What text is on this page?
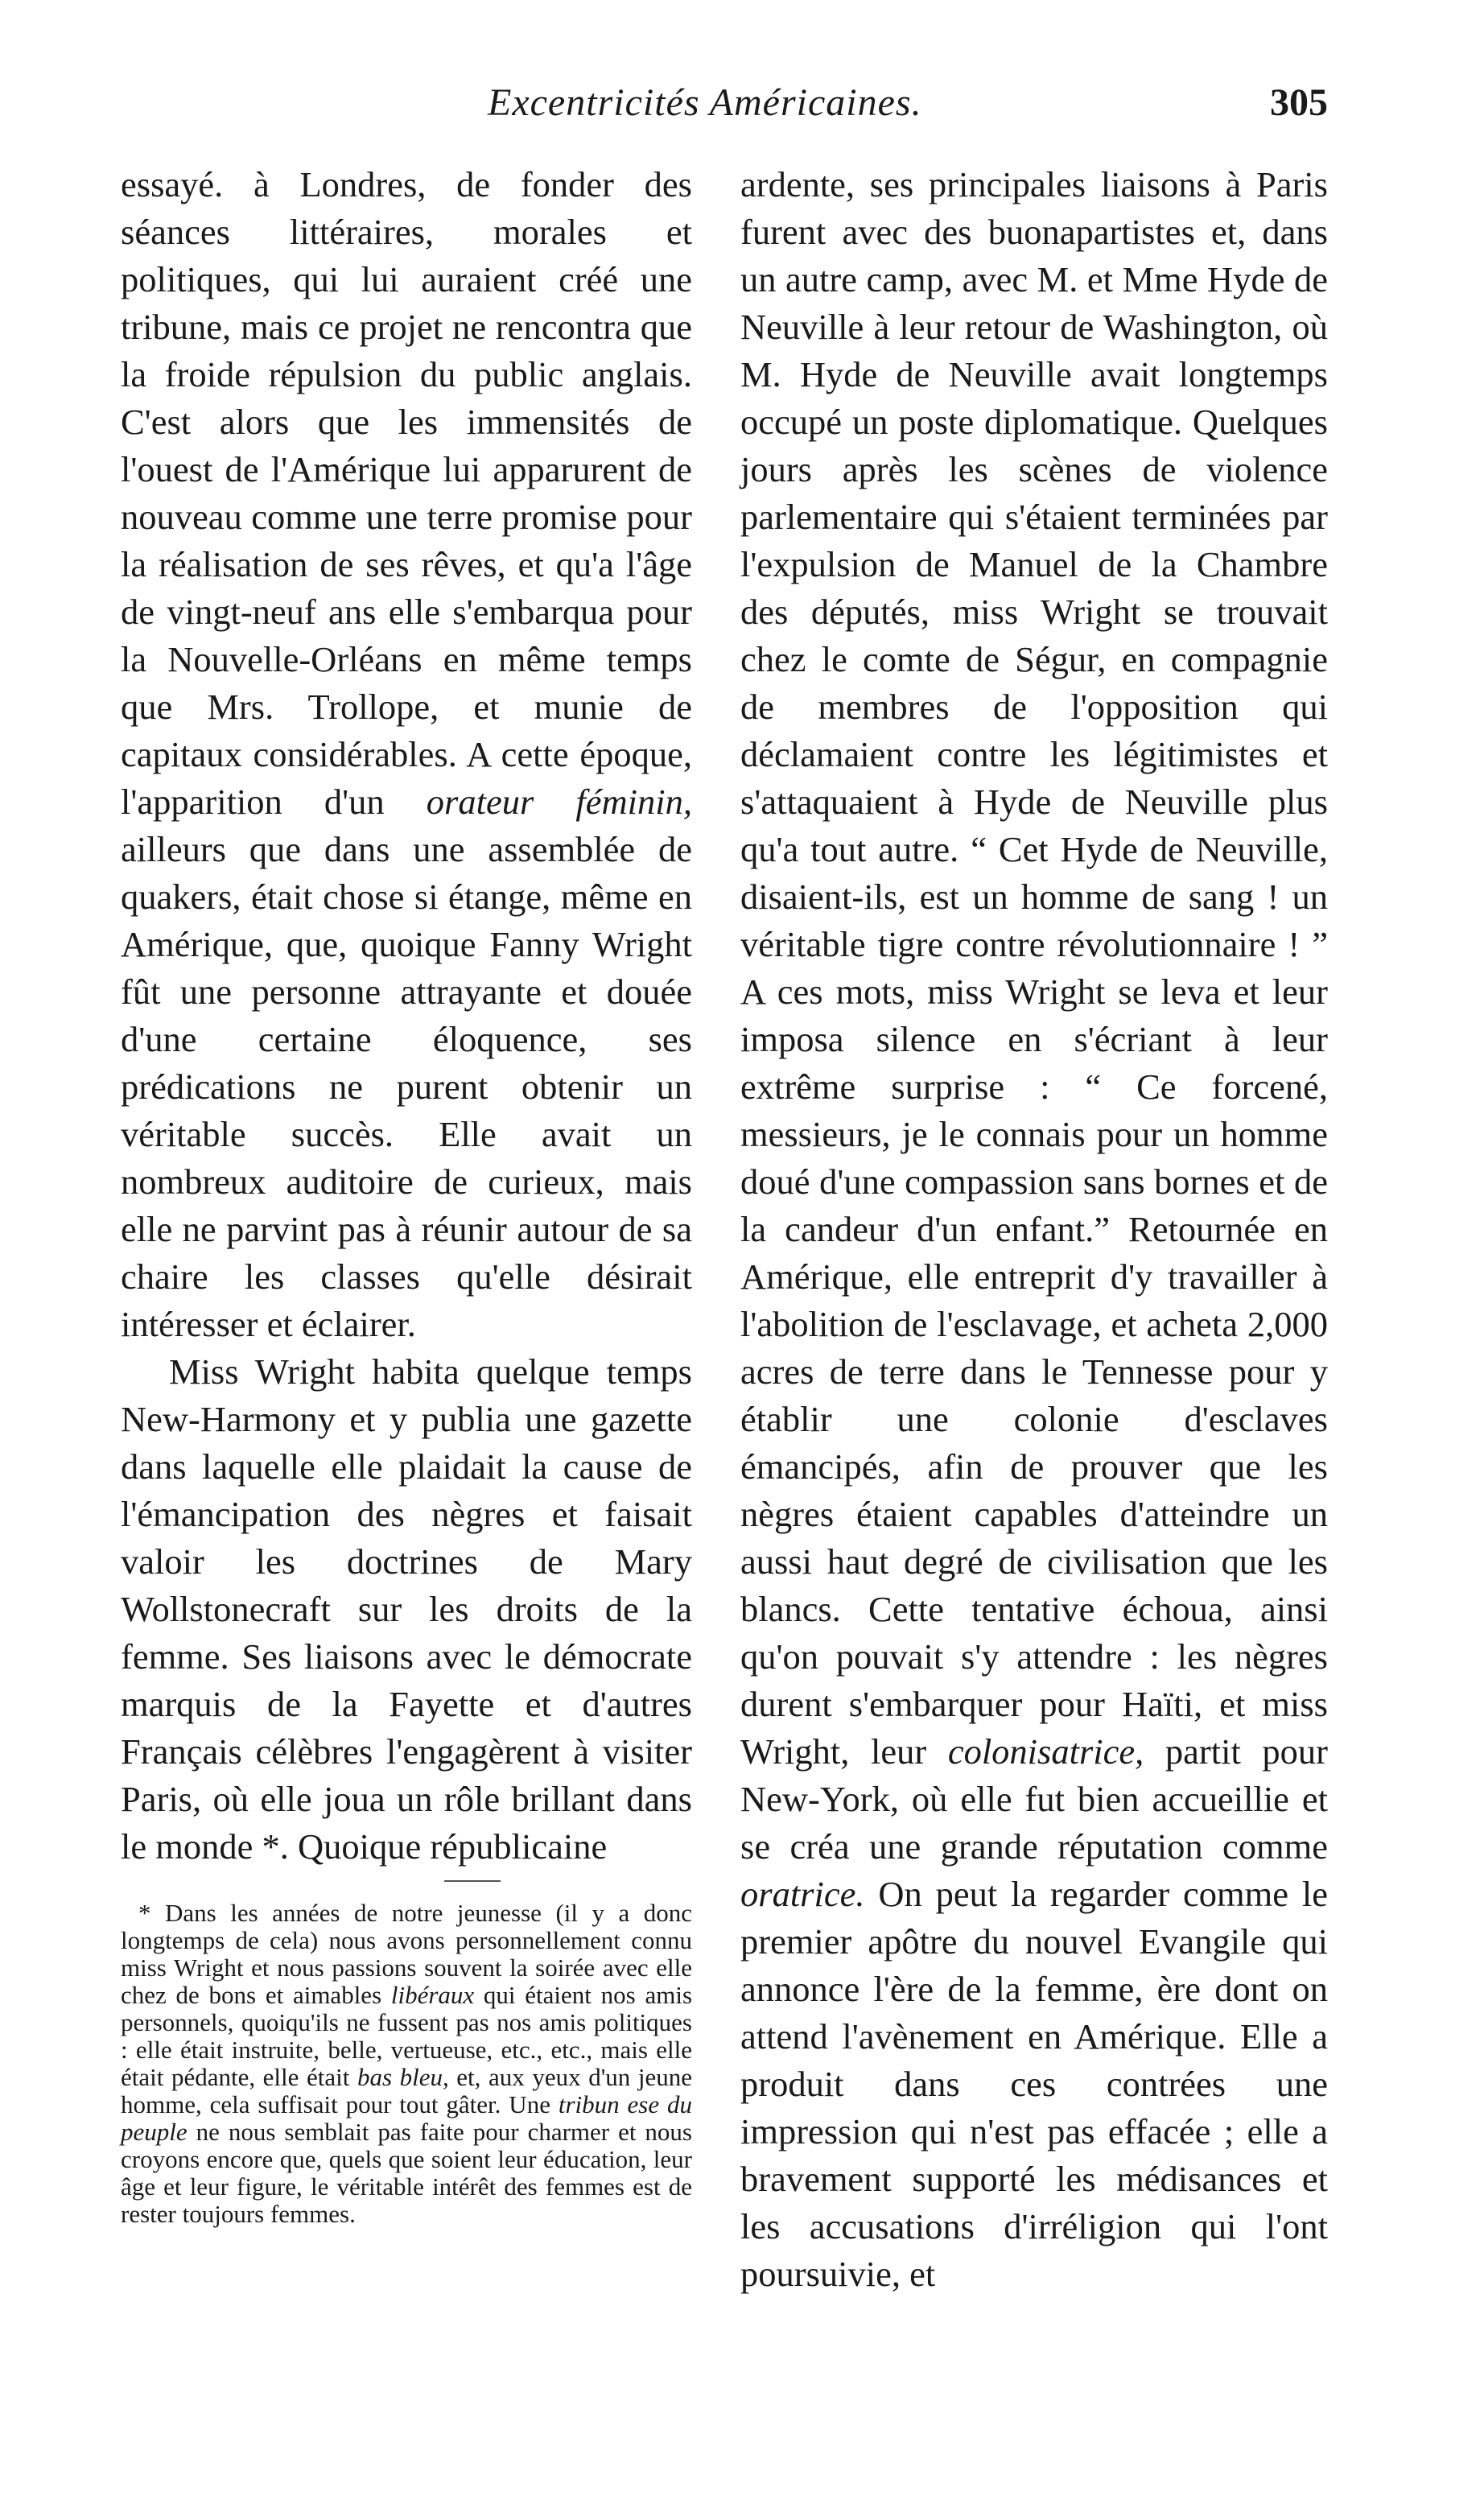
Excentricités Américaines.	305

essayé. à Londres, de fonder des séances littéraires, morales et politiques, qui lui auraient créé une tribune, mais ce projet ne rencontra que la froide répulsion du public anglais. C'est alors que les immensités de l'ouest de l'Amérique lui apparurent de nouveau comme une terre promise pour la réalisation de ses rêves, et qu'a l'âge de vingt-neuf ans elle s'embarqua pour la Nouvelle-Orléans en même temps que Mrs. Trollope, et munie de capitaux considérables. A cette époque, l'apparition d'un orateur féminin, ailleurs que dans une assemblée de quakers, était chose si étange, même en Amérique, que, quoique Fanny Wright fût une personne attrayante et douée d'une certaine éloquence, ses prédications ne purent obtenir un véritable succès. Elle avait un nombreux auditoire de curieux, mais elle ne parvint pas à réunir autour de sa chaire les classes qu'elle désirait intéresser et éclairer.

Miss Wright habita quelque temps New-Harmony et y publia une gazette dans laquelle elle plaidait la cause de l'émancipation des nègres et faisait valoir les doctrines de Mary Wollstonecraft sur les droits de la femme. Ses liaisons avec le démocrate marquis de la Fayette et d'autres Français célèbres l'engagèrent à visiter Paris, où elle joua un rôle brillant dans le monde *. Quoique républicaine

* Dans les années de notre jeunesse (il y a donc longtemps de cela) nous avons personnellement connu miss Wright et nous passions souvent la soirée avec elle chez de bons et aimables libéraux qui étaient nos amis personnels, quoiqu'ils ne fussent pas nos amis politiques : elle était instruite, belle, vertueuse, etc., etc., mais elle était pédante, elle était bas bleu, et, aux yeux d'un jeune homme, cela suffisait pour tout gâter. Une tribun ese du peuple ne nous semblait pas faite pour charmer et nous croyons encore que, quels que soient leur éducation, leur âge et leur figure, le véritable intérêt des femmes est de rester toujours femmes.

ardente, ses principales liaisons à Paris furent avec des buonapartistes et, dans un autre camp, avec M. et Mme Hyde de Neuville à leur retour de Washington, où M. Hyde de Neuville avait longtemps occupé un poste diplomatique. Quelques jours après les scènes de violence parlementaire qui s'étaient terminées par l'expulsion de Manuel de la Chambre des députés, miss Wright se trouvait chez le comte de Ségur, en compagnie de membres de l'opposition qui déclamaient contre les légitimistes et s'attaquaient à Hyde de Neuville plus qu'a tout autre. “ Cet Hyde de Neuville, disaient-ils, est un homme de sang ! un véritable tigre contre révolutionnaire ! ” A ces mots, miss Wright se leva et leur imposa silence en s'écriant à leur extrême surprise : “ Ce forcené, messieurs, je le connais pour un homme doué d'une compassion sans bornes et de la candeur d'un enfant.” Retournée en Amérique, elle entreprit d'y travailler à l'abolition de l'esclavage, et acheta 2,000 acres de terre dans le Tennesse pour y établir une colonie d'esclaves émancipés, afin de prouver que les nègres étaient capables d'atteindre un aussi haut degré de civilisation que les blancs. Cette tentative échoua, ainsi qu'on pouvait s'y attendre : les nègres durent s'embarquer pour Haïti, et miss Wright, leur colonisatrice, partit pour New-York, où elle fut bien accueillie et se créa une grande réputation comme oratrice. On peut la regarder comme le premier apôtre du nouvel Evangile qui annonce l'ère de la femme, ère dont on attend l'avènement en Amérique. Elle a produit dans ces contrées une impression qui n'est pas effacée ; elle a bravement supporté les médisances et les accusations d'irréligion qui l'ont poursuivie, et
